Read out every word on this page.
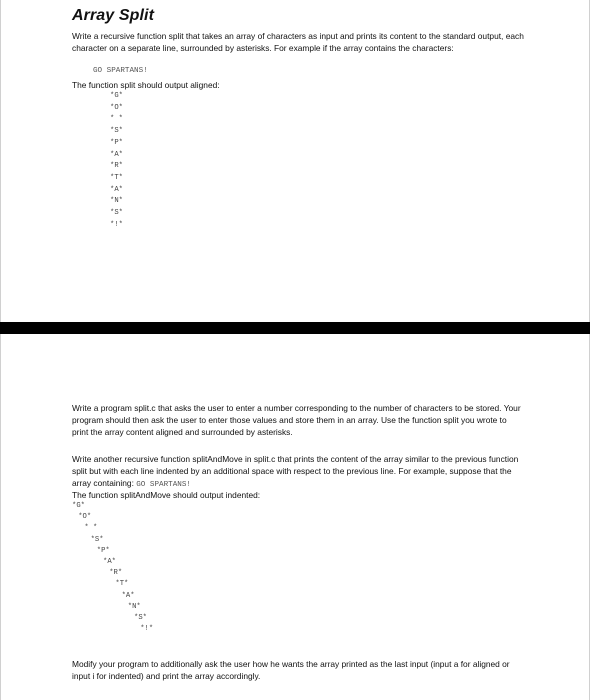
Array Split

Write a recursive function split that takes an array of characters as input and prints its content to the standard output, each character on a separate line, surrounded by asterisks. For example if the array contains the characters:

GO SPARTANS!

The function split should output aligned:

*G*

*O*

* *

*S*

*P*

*A*

*R*

*T*

*A*

*N*

*S*

*!*

Write a program split.c that asks the user to enter a number corresponding to the number of characters to be stored. Your program should then ask the user to enter those values and store them in an array. Use the function split you wrote to print the array content aligned and surrounded by asterisks.

Write another recursive function splitAndMove in split.c that prints the content of the array similar to the previous function split but with each line indented by an additional space with respect to the previous line. For example, suppose that the array containing: GO SPARTANS!

The function splitAndMove should output indented:

*G*

*O*

* *

*S*

*P*

*A*

*R*

*T*

*A*

*N*

*S*

*!*

Modify your program to additionally ask the user how he wants the array printed as the last input (input a for aligned or input i for indented) and print the array accordingly.
